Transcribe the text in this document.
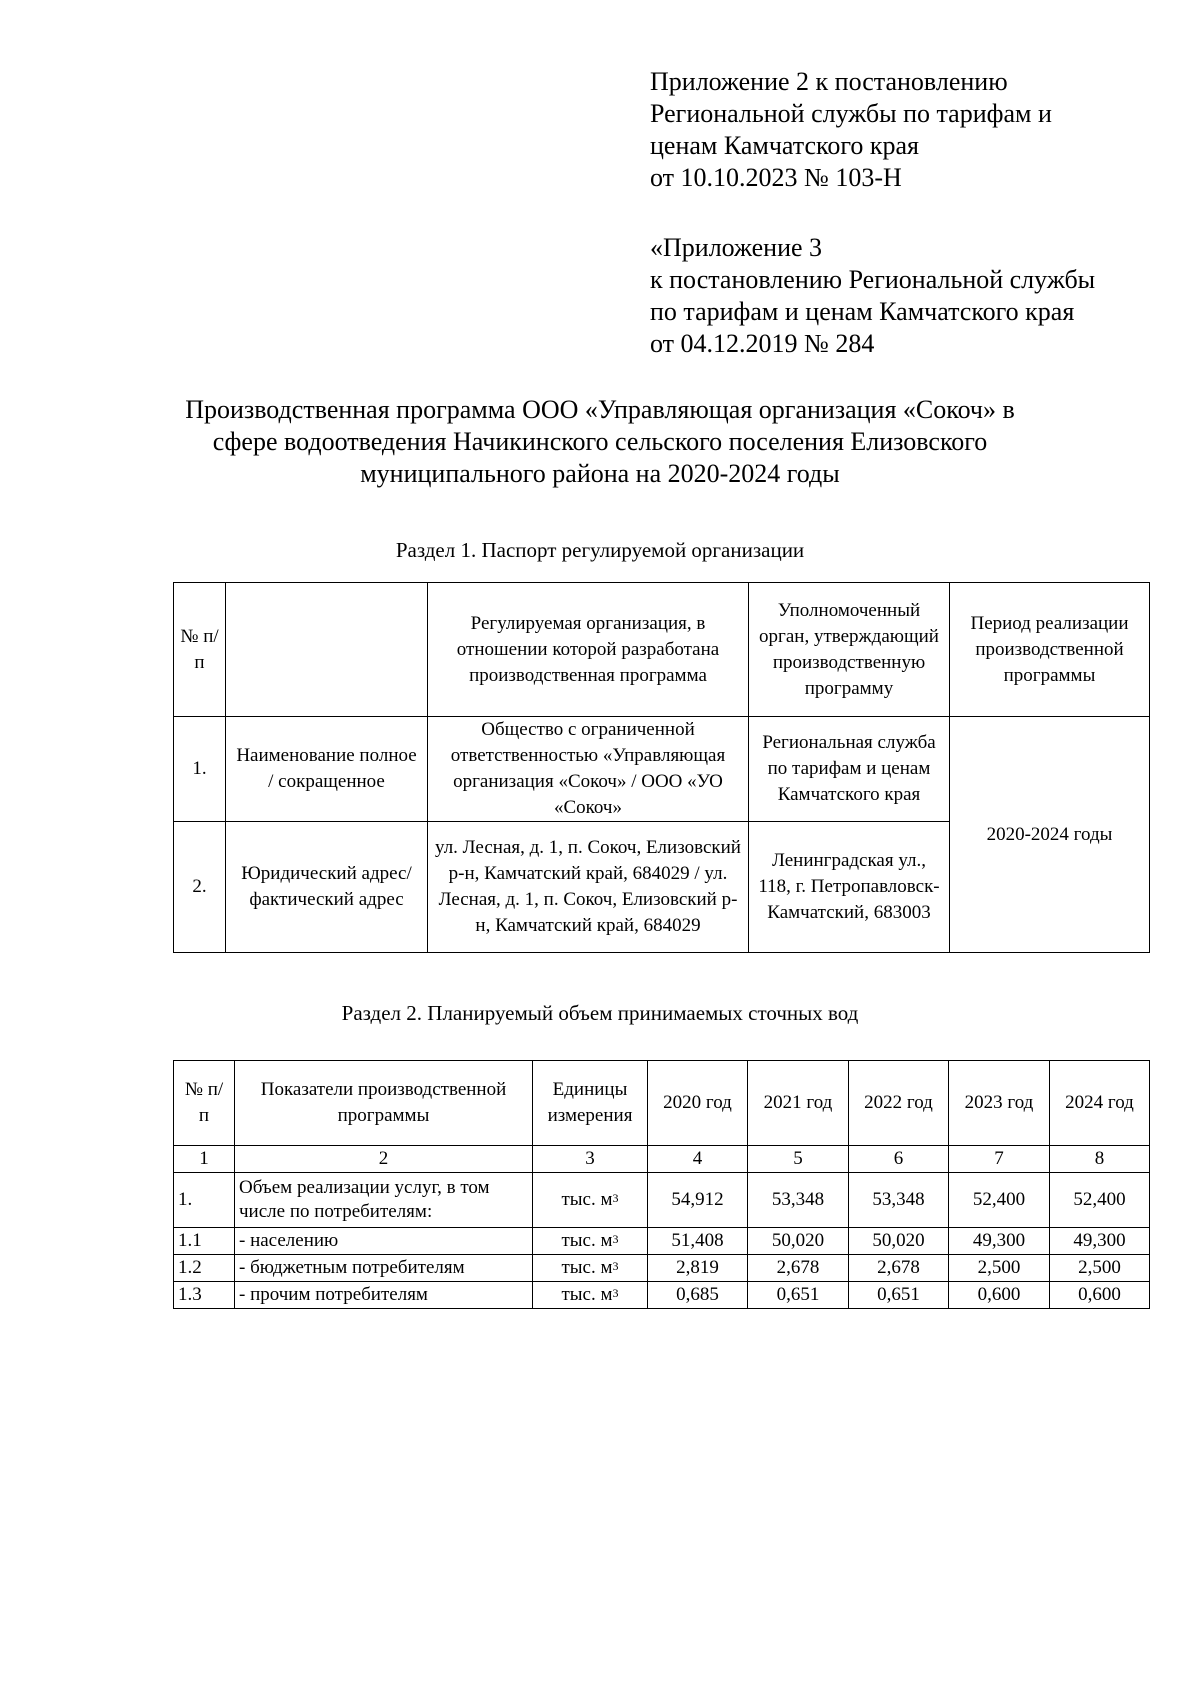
Приложение 2 к постановлению
Региональной службы по тарифам и
ценам Камчатского края
от 10.10.2023 № 103-Н
«Приложение 3
к постановлению Региональной службы
по тарифам и ценам Камчатского края
от 04.12.2019 № 284
Производственная программа ООО «Управляющая организация «Сокоч» в
сфере водоотведения Начикинского сельского поселения Елизовского
муниципального района на 2020-2024 годы
Раздел 1. Паспорт регулируемой организации
№ п/п		Регулируемая организация, в отношении которой разработана производственная программа	Уполномоченный орган, утверждающий производственную программу	Период реализации производственной программы
1.	Наименование полное / сокращенное	Общество с ограниченной ответственностью «Управляющая организация «Сокоч» / ООО «УО «Сокоч»	Региональная служба по тарифам и ценам Камчатского края	2020-2024 годы
2.	Юридический адрес/фактический адрес	ул. Лесная, д. 1, п. Сокоч, Елизовский р-н, Камчатский край, 684029 / ул. Лесная, д. 1, п. Сокоч, Елизовский р-н, Камчатский край, 684029	Ленинградская ул., 118, г. Петропавловск-Камчатский, 683003	
Раздел 2. Планируемый объем принимаемых сточных вод
№ п/п	Показатели производственной программы	Единицы измерения	2020 год	2021 год	2022 год	2023 год	2024 год
1	2	3	4	5	6	7	8
1.	Объем реализации услуг, в том числе по потребителям:	тыс. $м^3$	54,912	53,348	53,348	52,400	52,400
1.1	- населению	тыс. $м^3$	51,408	50,020	50,020	49,300	49,300
1.2	- бюджетным потребителям	тыс. $м^3$	2,819	2,678	2,678	2,500	2,500
1.3	- прочим потребителям	тыс. $м^3$	0,685	0,651	0,651	0,600	0,600
